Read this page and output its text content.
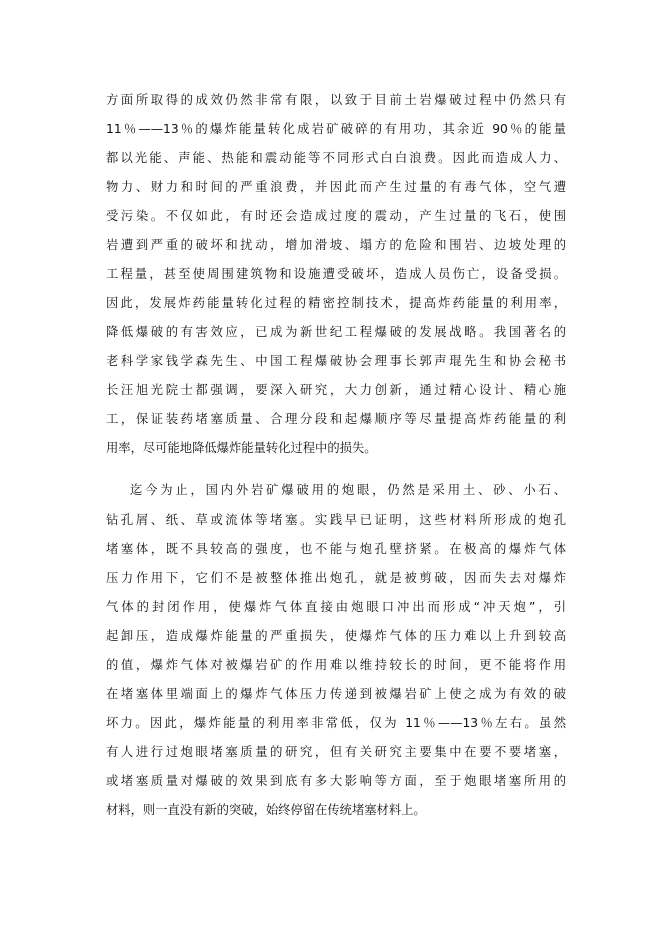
方面所取得的成效仍然非常有限，以致于目前土岩爆破过程中仍然只有
11％——13％的爆炸能量转化成岩矿破碎的有用功，其余近 90％的能量
都以光能、声能、热能和震动能等不同形式白白浪费。因此而造成人力、
物力、财力和时间的严重浪费，并因此而产生过量的有毒气体，空气遭
受污染。不仅如此，有时还会造成过度的震动，产生过量的飞石，使围
岩遭到严重的破坏和扰动，增加滑坡、塌方的危险和围岩、边坡处理的
工程量，甚至使周围建筑物和设施遭受破坏，造成人员伤亡，设备受损。
因此，发展炸药能量转化过程的精密控制技术，提高炸药能量的利用率，
降低爆破的有害效应，已成为新世纪工程爆破的发展战略。我国著名的
老科学家钱学森先生、中国工程爆破协会理事长郭声琨先生和协会秘书
长汪旭光院士都强调，要深入研究，大力创新，通过精心设计、精心施
工，保证装药堵塞质量、合理分段和起爆顺序等尽量提高炸药能量的利
用率，尽可能地降低爆炸能量转化过程中的损失。
迄今为止，国内外岩矿爆破用的炮眼，仍然是采用土、砂、小石、
钻孔屑、纸、草或流体等堵塞。实践早已证明，这些材料所形成的炮孔
堵塞体，既不具较高的强度，也不能与炮孔壁挤紧。在极高的爆炸气体
压力作用下，它们不是被整体推出炮孔，就是被剪破，因而失去对爆炸
气体的封闭作用，使爆炸气体直接由炮眼口冲出而形成“冲天炮”，引
起卸压，造成爆炸能量的严重损失，使爆炸气体的压力难以上升到较高
的值，爆炸气体对被爆岩矿的作用难以维持较长的时间，更不能将作用
在堵塞体里端面上的爆炸气体压力传递到被爆岩矿上使之成为有效的破
坏力。因此，爆炸能量的利用率非常低，仅为 11％——13％左右。虽然
有人进行过炮眼堵塞质量的研究，但有关研究主要集中在要不要堵塞，
或堵塞质量对爆破的效果到底有多大影响等方面，至于炮眼堵塞所用的
材料，则一直没有新的突破，始终停留在传统堵塞材料上。
